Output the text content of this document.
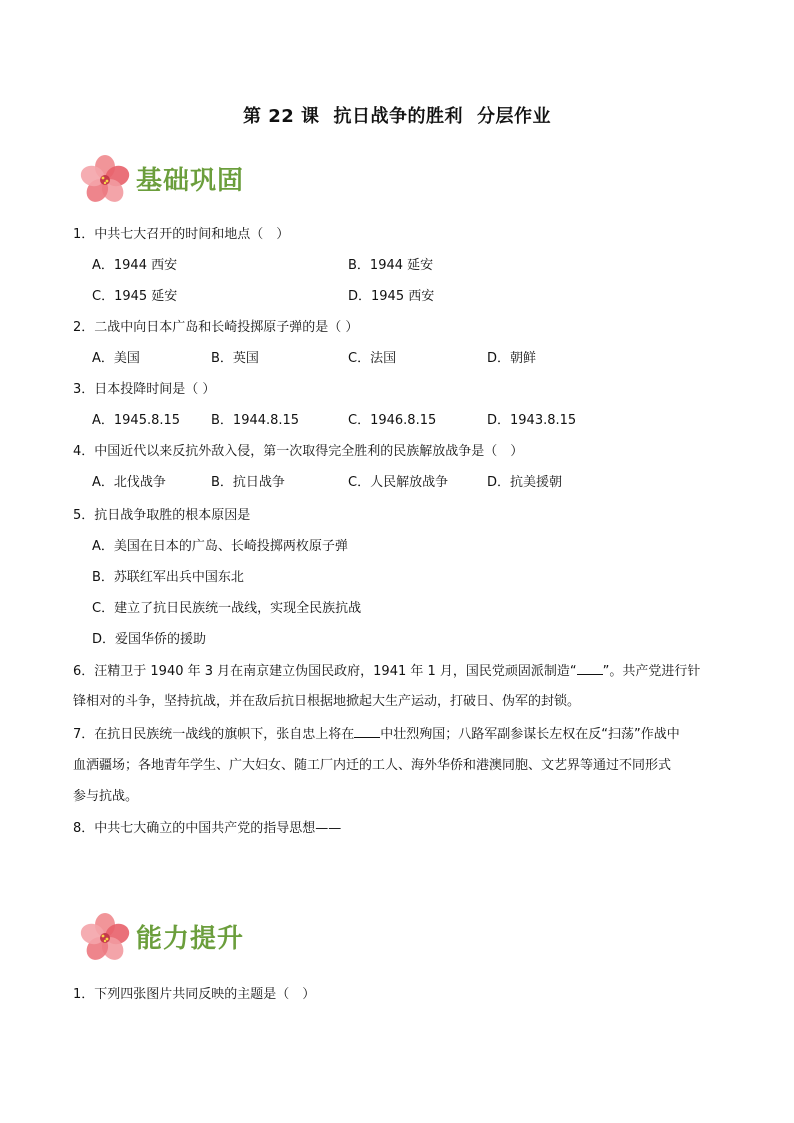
第 22 课 抗日战争的胜利 分层作业
基础巩固
1．中共七大召开的时间和地点（　）
A．1944 西安	B．1944 延安
C．1945 延安	D．1945 西安
2．二战中向日本广岛和长崎投掷原子弹的是（ ）
A．美国	B．英国	C．法国	D．朝鲜
3．日本投降时间是（ ）
A．1945.8.15 B．1944.8.15	C．1946.8.15	D．1943.8.15
4．中国近代以来反抗外敌入侵，第一次取得完全胜利的民族解放战争是（　）
A．北伐战争	B．抗日战争	C．人民解放战争	D．抗美援朝
5．抗日战争取胜的根本原因是
A．美国在日本的广岛、长崎投掷两枚原子弹
B．苏联红军出兵中国东北
C．建立了抗日民族统一战线，实现全民族抗战
D．爱国华侨的援助
6．汪精卫于 1940 年 3 月在南京建立伪国民政府，1941 年 1 月，国民党顽固派制造“ ”。共产党进行针
锋相对的斗争，坚持抗战，并在敌后抗日根据地掀起大生产运动，打破日、伪军的封锁。
7．在抗日民族统一战线的旗帜下，张自忠上将在 中壮烈殉国；八路军副参谋长左权在反“扫荡”作战中
血洒疆场；各地青年学生、广大妇女、随工厂内迁的工人、海外华侨和港澳同胞、文艺界等通过不同形式
参与抗战。
8．中共七大确立的中国共产党的指导思想——
能力提升
1．下列四张图片共同反映的主题是（　）
